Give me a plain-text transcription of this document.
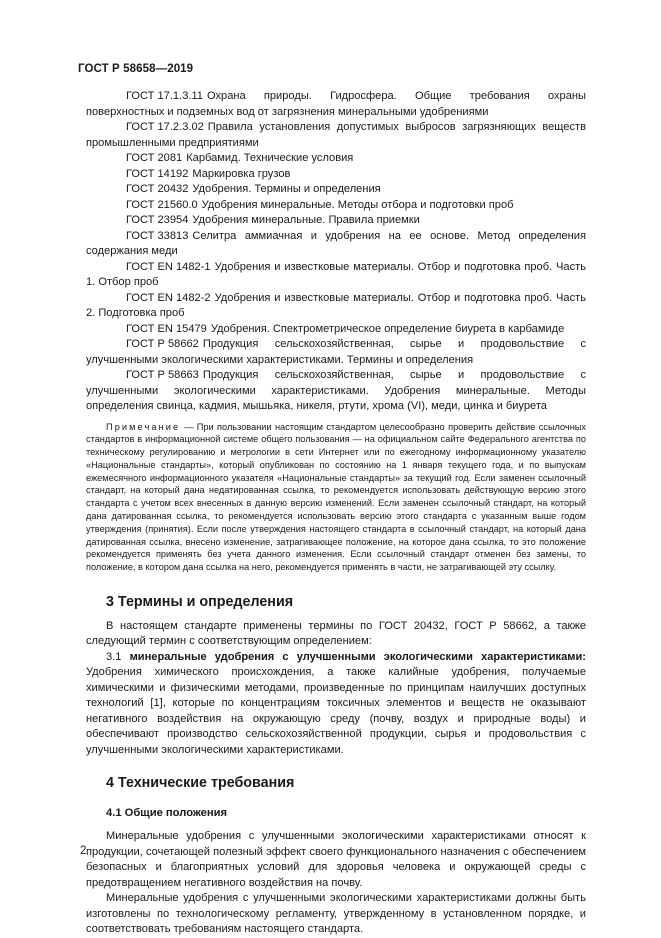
ГОСТ Р 58658—2019
ГОСТ 17.1.3.11 Охрана природы. Гидросфера. Общие требования охраны поверхностных и подземных вод от загрязнения минеральными удобрениями
ГОСТ 17.2.3.02 Правила установления допустимых выбросов загрязняющих веществ промышленными предприятиями
ГОСТ 2081 Карбамид. Технические условия
ГОСТ 14192 Маркировка грузов
ГОСТ 20432 Удобрения. Термины и определения
ГОСТ 21560.0 Удобрения минеральные. Методы отбора и подготовки проб
ГОСТ 23954 Удобрения минеральные. Правила приемки
ГОСТ 33813 Селитра аммиачная и удобрения на ее основе. Метод определения содержания меди
ГОСТ EN 1482-1 Удобрения и известковые материалы. Отбор и подготовка проб. Часть 1. Отбор проб
ГОСТ EN 1482-2 Удобрения и известковые материалы. Отбор и подготовка проб. Часть 2. Подготовка проб
ГОСТ EN 15479 Удобрения. Спектрометрическое определение биурета в карбамиде
ГОСТ Р 58662 Продукция сельскохозяйственная, сырье и продовольствие с улучшенными экологическими характеристиками. Термины и определения
ГОСТ Р 58663 Продукция сельскохозяйственная, сырье и продовольствие с улучшенными экологическими характеристиками. Удобрения минеральные. Методы определения свинца, кадмия, мышьяка, никеля, ртути, хрома (VI), меди, цинка и биурета
Примечание — При пользовании настоящим стандартом целесообразно проверить действие ссылочных стандартов в информационной системе общего пользования — на официальном сайте Федерального агентства по техническому регулированию и метрологии в сети Интернет или по ежегодному информационному указателю «Национальные стандарты», который опубликован по состоянию на 1 января текущего года, и по выпускам ежемесячного информационного указателя «Национальные стандарты» за текущий год. Если заменен ссылочный стандарт, на который дана недатированная ссылка, то рекомендуется использовать действующую версию этого стандарта с учетом всех внесенных в данную версию изменений. Если заменен ссылочный стандарт, на который дана датированная ссылка, то рекомендуется использовать версию этого стандарта с указанным выше годом утверждения (принятия). Если после утверждения настоящего стандарта в ссылочный стандарт, на который дана датированная ссылка, внесено изменение, затрагивающее положение, на которое дана ссылка, то это положение рекомендуется применять без учета данного изменения. Если ссылочный стандарт отменен без замены, то положение, в котором дана ссылка на него, рекомендуется применять в части, не затрагивающей эту ссылку.
3 Термины и определения
В настоящем стандарте применены термины по ГОСТ 20432, ГОСТ Р 58662, а также следующий термин с соответствующим определением:
3.1 минеральные удобрения с улучшенными экологическими характеристиками: Удобрения химического происхождения, а также калийные удобрения, получаемые химическими и физическими методами, произведенные по принципам наилучших доступных технологий [1], которые по концентрациям токсичных элементов и веществ не оказывают негативного воздействия на окружающую среду (почву, воздух и природные воды) и обеспечивают производство сельскохозяйственной продукции, сырья и продовольствия с улучшенными экологическими характеристиками.
4 Технические требования
4.1 Общие положения
Минеральные удобрения с улучшенными экологическими характеристиками относят к продукции, сочетающей полезный эффект своего функционального назначения с обеспечением безопасных и благоприятных условий для здоровья человека и окружающей среды с предотвращением негативного воздействия на почву.
Минеральные удобрения с улучшенными экологическими характеристиками должны быть изготовлены по технологическому регламенту, утвержденному в установленном порядке, и соответствовать требованиям настоящего стандарта.
2
